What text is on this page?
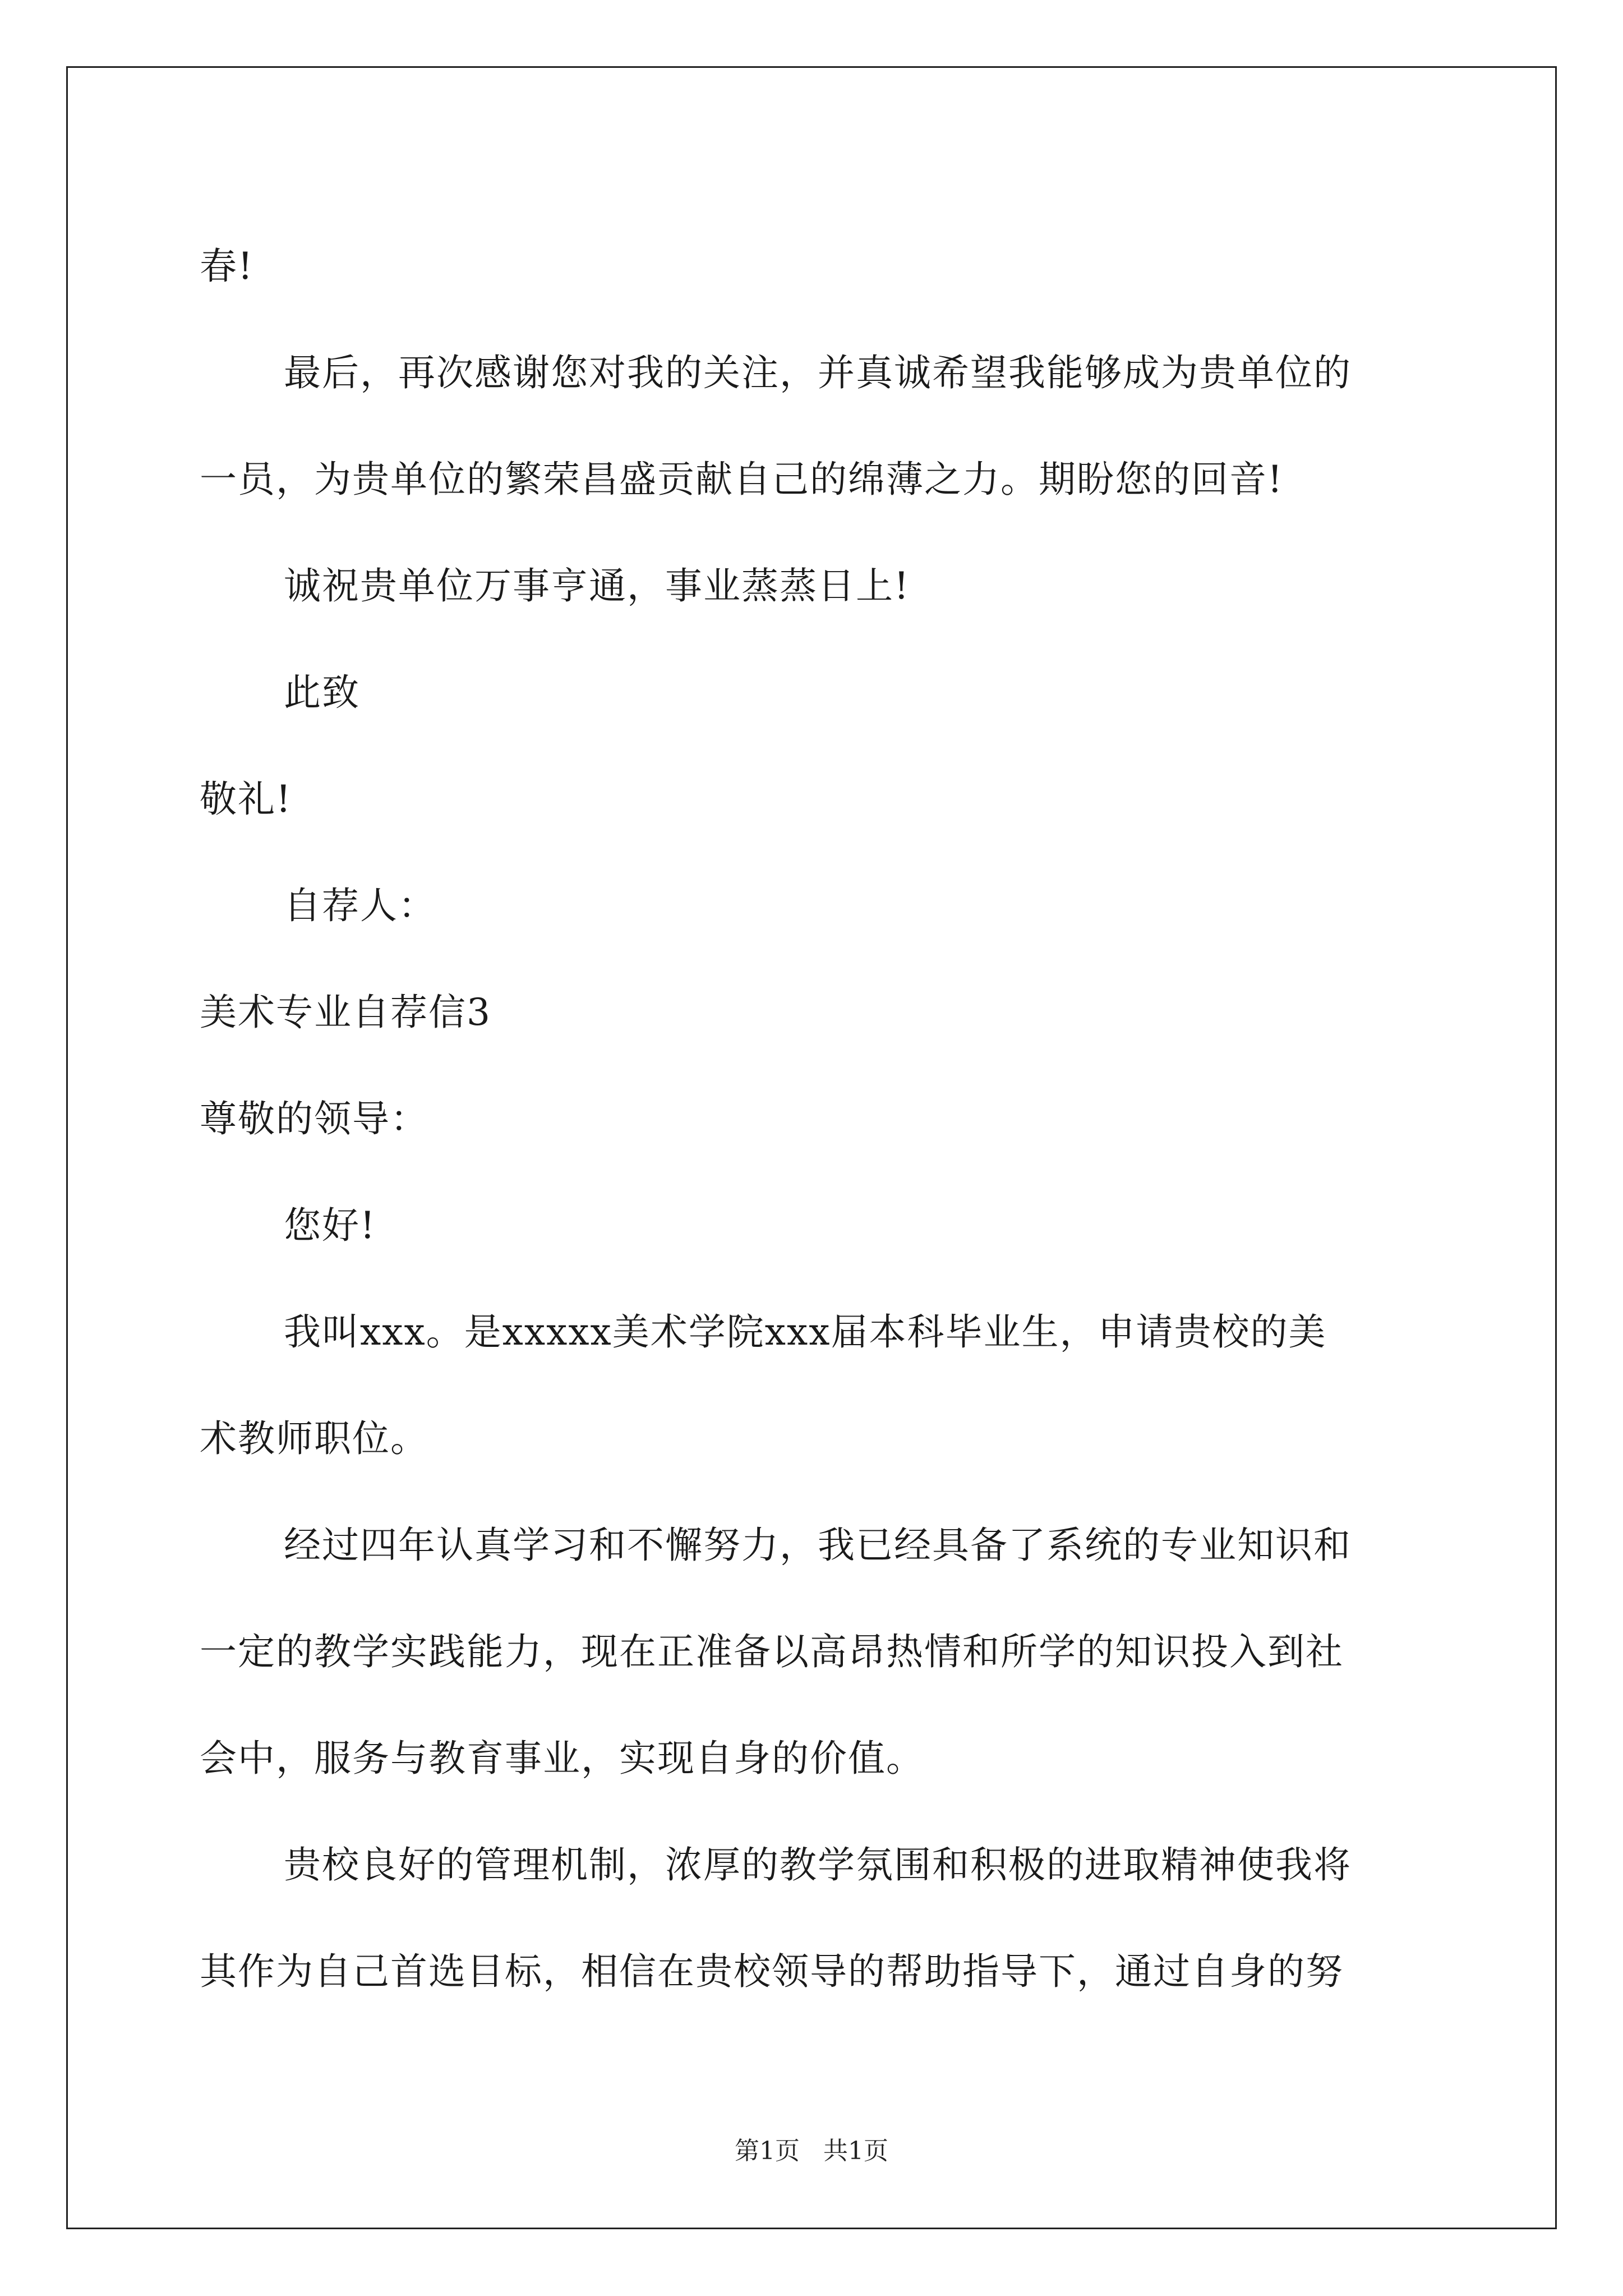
春!
最后，再次感谢您对我的关注，并真诚希望我能够成为贵单位的
一员，为贵单位的繁荣昌盛贡献自己的绵薄之力。期盼您的回音!
诚祝贵单位万事亨通，事业蒸蒸日上!
此致
敬礼!
自荐人：
美术专业自荐信3
尊敬的领导：
您好!
我叫xxx。是xxxxx美术学院xxx届本科毕业生，申请贵校的美
术教师职位。
经过四年认真学习和不懈努力，我已经具备了系统的专业知识和
一定的教学实践能力，现在正准备以高昂热情和所学的知识投入到社
会中，服务与教育事业，实现自身的价值。
贵校良好的管理机制，浓厚的教学氛围和积极的进取精神使我将
其作为自己首选目标，相信在贵校领导的帮助指导下，通过自身的努
第1页   共1页
